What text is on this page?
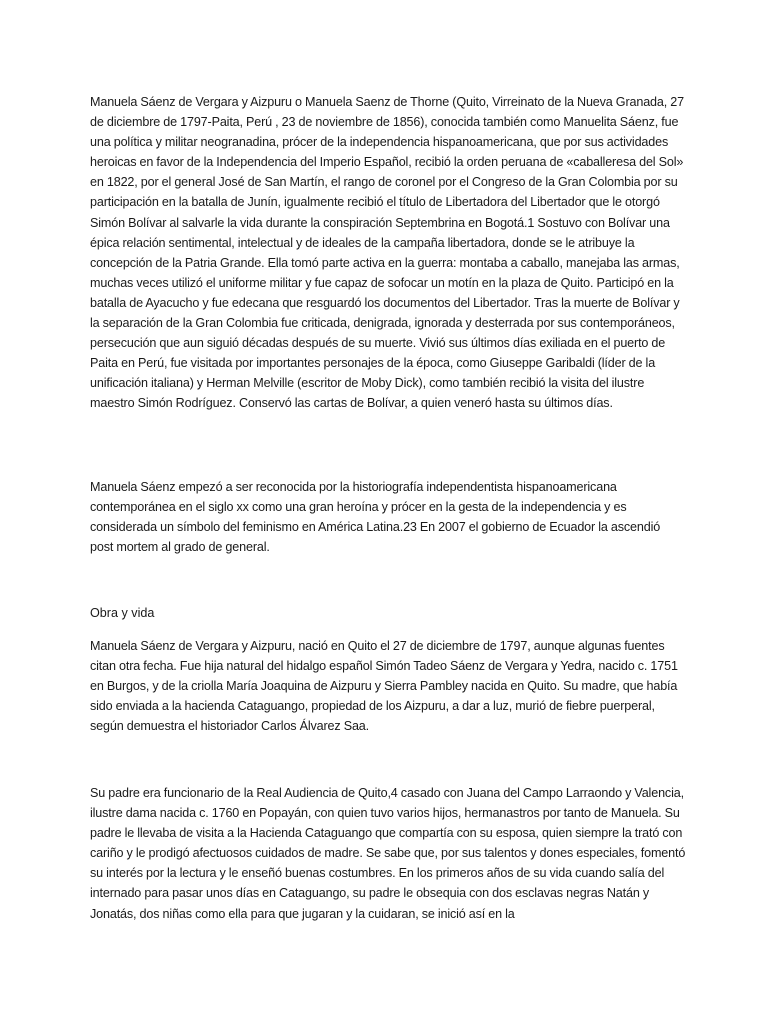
Manuela Sáenz de Vergara y Aizpuru o Manuela Saenz de Thorne (Quito, Virreinato de la Nueva Granada, 27 de diciembre de 1797-Paita, Perú , 23 de noviembre de 1856), conocida también como Manuelita Sáenz, fue una política y militar neogranadina, prócer de la independencia hispanoamericana, que por sus actividades heroicas en favor de la Independencia del Imperio Español, recibió la orden peruana de «caballeresa del Sol» en 1822, por el general José de San Martín, el rango de coronel por el Congreso de la Gran Colombia por su participación en la batalla de Junín, igualmente recibió el título de Libertadora del Libertador que le otorgó Simón Bolívar al salvarle la vida durante la conspiración Septembrina en Bogotá.1 Sostuvo con Bolívar una épica relación sentimental, intelectual y de ideales de la campaña libertadora, donde se le atribuye la concepción de la Patria Grande. Ella tomó parte activa en la guerra: montaba a caballo, manejaba las armas, muchas veces utilizó el uniforme militar y fue capaz de sofocar un motín en la plaza de Quito. Participó en la batalla de Ayacucho y fue edecana que resguardó los documentos del Libertador. Tras la muerte de Bolívar y la separación de la Gran Colombia fue criticada, denigrada, ignorada y desterrada por sus contemporáneos, persecución que aun siguió décadas después de su muerte. Vivió sus últimos días exiliada en el puerto de Paita en Perú, fue visitada por importantes personajes de la época, como Giuseppe Garibaldi (líder de la unificación italiana) y Herman Melville (escritor de Moby Dick), como también recibió la visita del ilustre maestro Simón Rodríguez. Conservó las cartas de Bolívar, a quien veneró hasta su últimos días.

Manuela Sáenz empezó a ser reconocida por la historiografía independentista hispanoamericana contemporánea en el siglo xx como una gran heroína y prócer en la gesta de la independencia y es considerada un símbolo del feminismo en América Latina.23 En 2007 el gobierno de Ecuador la ascendió post mortem al grado de general.

Obra y vida

Manuela Sáenz de Vergara y Aizpuru, nació en Quito el 27 de diciembre de 1797, aunque algunas fuentes citan otra fecha. Fue hija natural del hidalgo español Simón Tadeo Sáenz de Vergara y Yedra, nacido c. 1751 en Burgos, y de la criolla María Joaquina de Aizpuru y Sierra Pambley nacida en Quito. Su madre, que había sido enviada a la hacienda Cataguango, propiedad de los Aizpuru, a dar a luz, murió de fiebre puerperal, según demuestra el historiador Carlos Álvarez Saa.

Su padre era funcionario de la Real Audiencia de Quito,4 casado con Juana del Campo Larraondo y Valencia, ilustre dama nacida c. 1760 en Popayán, con quien tuvo varios hijos, hermanastros por tanto de Manuela. Su padre le llevaba de visita a la Hacienda Cataguango que compartía con su esposa, quien siempre la trató con cariño y le prodigó afectuosos cuidados de madre. Se sabe que, por sus talentos y dones especiales, fomentó su interés por la lectura y le enseñó buenas costumbres. En los primeros años de su vida cuando salía del internado para pasar unos días en Cataguango, su padre le obsequia con dos esclavas negras Natán y Jonatás, dos niñas como ella para que jugaran y la cuidaran, se inició así en la
